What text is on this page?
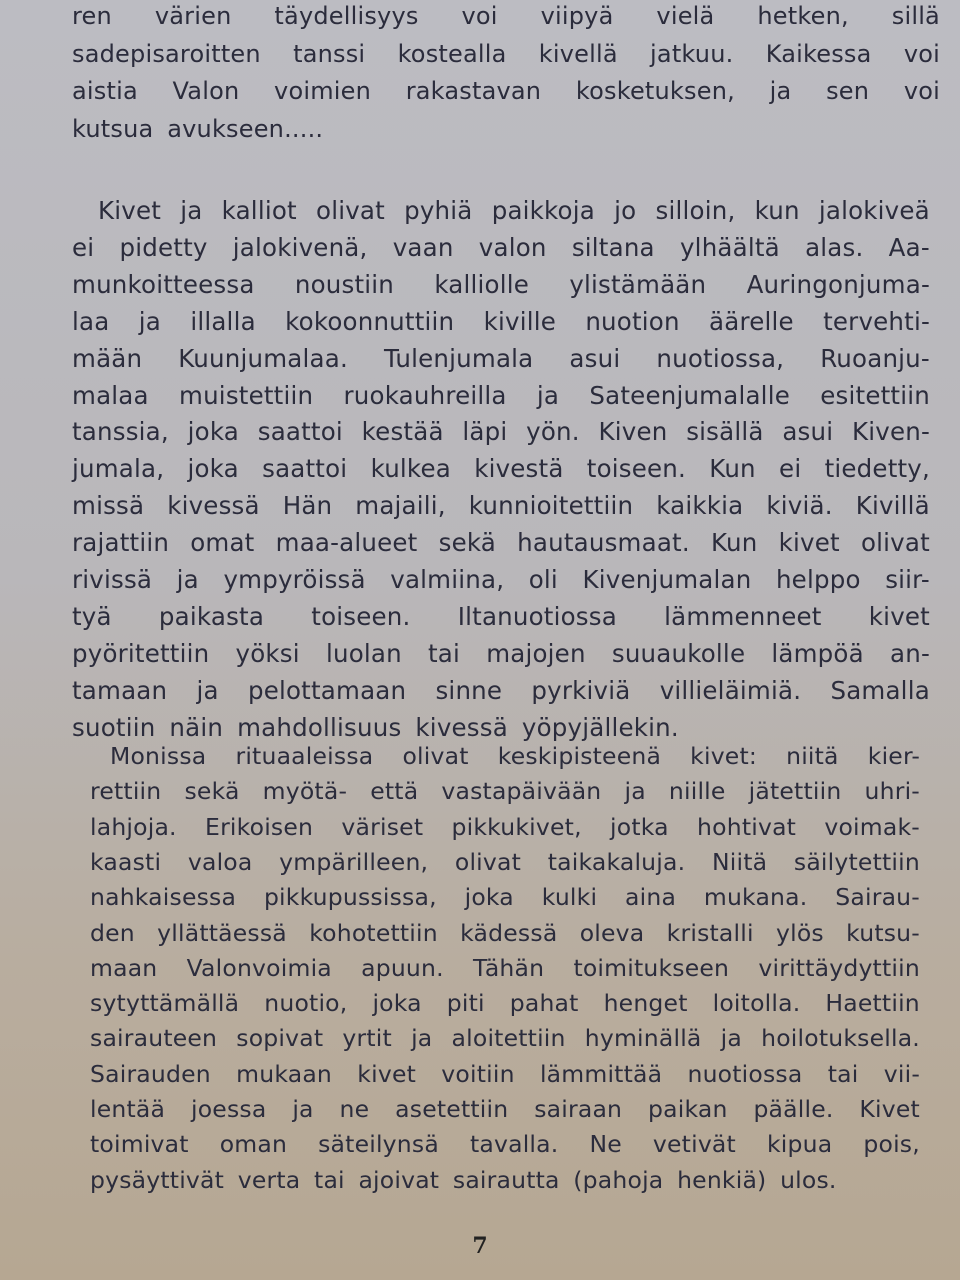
ren värien täydellisyys voi viipyä vielä hetken, sillä
sadepisaroitten tanssi kostealla kivellä jatkuu. Kaikessa voi
aistia Valon voimien rakastavan kosketuksen, ja sen voi
kutsua avukseen.....
Kivet ja kalliot olivat pyhiä paikkoja jo silloin, kun jalokiveä
ei pidetty jalokivenä, vaan valon siltana ylhäältä alas. Aa-
munkoitteessa noustiin kalliolle ylistämään Auringonjuma-
laa ja illalla kokoonnuttiin kiville nuotion äärelle tervehti-
mään Kuunjumalaa. Tulenjumala asui nuotiossa, Ruoanju-
malaa muistettiin ruokauhreilla ja Sateenjumalalle esitettiin
tanssia, joka saattoi kestää läpi yön. Kiven sisällä asui Kiven-
jumala, joka saattoi kulkea kivestä toiseen. Kun ei tiedetty,
missä kivessä Hän majaili, kunnioitettiin kaikkia kiviä. Kivillä
rajattiin omat maa-alueet sekä hautausmaat. Kun kivet olivat
rivissä ja ympyröissä valmiina, oli Kivenjumalan helppo siir-
tyä paikasta toiseen. Iltanuotiossa lämmenneet kivet
pyöritettiin yöksi luolan tai majojen suuaukolle lämpöä an-
tamaan ja pelottamaan sinne pyrkiviä villieläimiä. Samalla
suotiin näin mahdollisuus kivessä yöpyjällekin.
Monissa rituaaleissa olivat keskipisteenä kivet: niitä kier-
rettiin sekä myötä- että vastapäivään ja niille jätettiin uhri-
lahjoja. Erikoisen väriset pikkukivet, jotka hohtivat voimak-
kaasti valoa ympärilleen, olivat taikakaluja. Niitä säilytettiin
nahkaisessa pikkupussissa, joka kulki aina mukana. Sairau-
den yllättäessä kohotettiin kädessä oleva kristalli ylös kutsu-
maan Valonvoimia apuun. Tähän toimitukseen virittäydyttiin
sytyttämällä nuotio, joka piti pahat henget loitolla. Haettiin
sairauteen sopivat yrtit ja aloitettiin hyminällä ja hoilotuksella.
Sairauden mukaan kivet voitiin lämmittää nuotiossa tai vii-
lentää joessa ja ne asetettiin sairaan paikan päälle. Kivet
toimivat oman säteilynsä tavalla. Ne vetivät kipua pois,
pysäyttivät verta tai ajoivat sairautta (pahoja henkiä) ulos.
7
